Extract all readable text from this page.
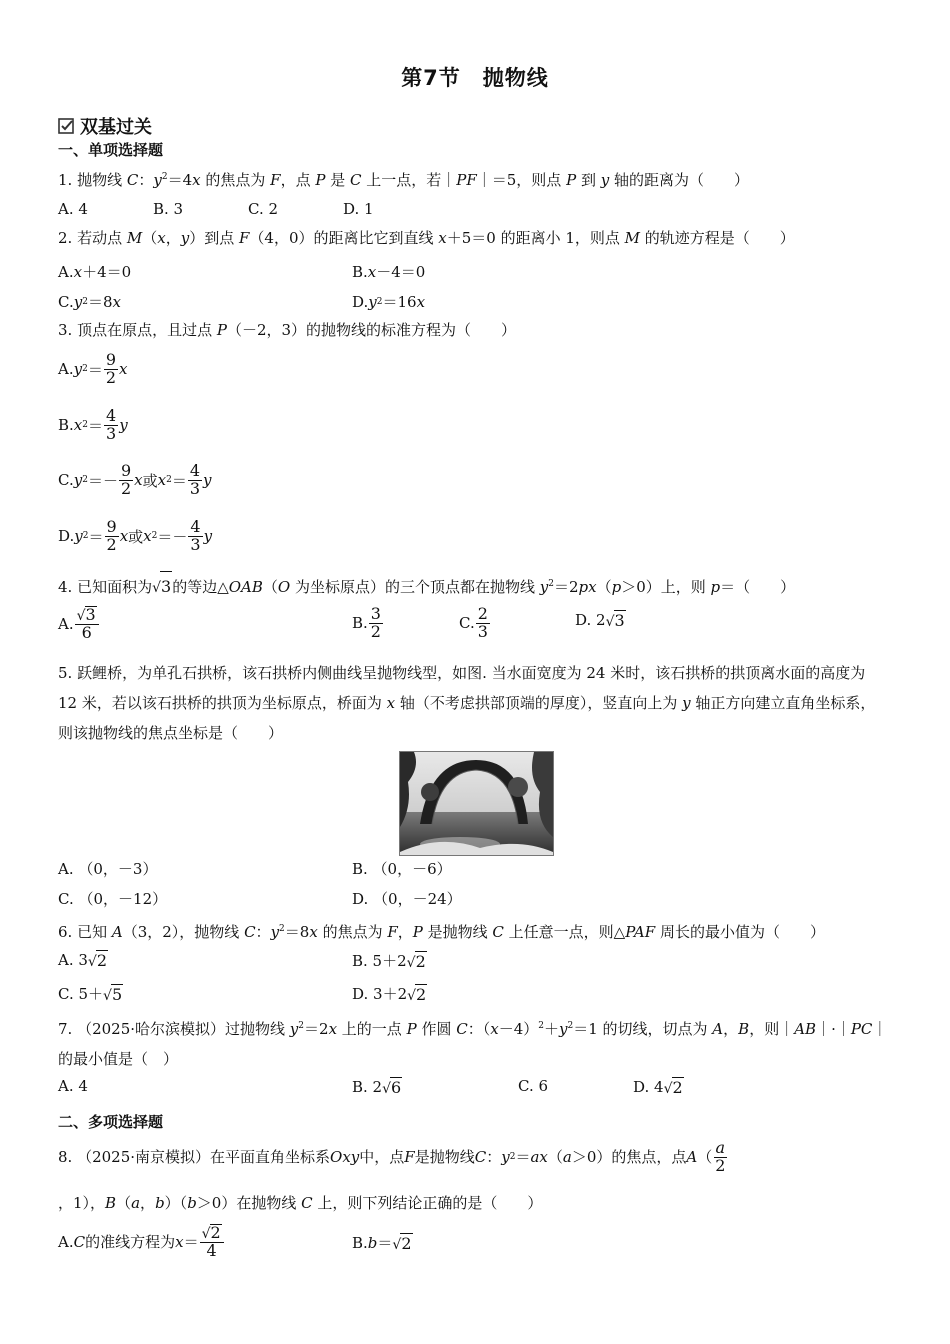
第7节　抛物线
双基过关
一、单项选择题
1. 抛物线 C：$y^2=4x$ 的焦点为 F，点 P 是 C 上一点，若｜PF｜＝5，则点 P 到 y 轴的距离为（　　）
A. 4	B. 3	C. 2	D. 1
2. 若动点 M（x，y）到点 F（4，0）的距离比它到直线 x＋5＝0 的距离小 1，则点 M 的轨迹方程是（　　）
A. x ＋4＝0	B. x －4＝0
C. y 2 ＝8 x	D. y 2 ＝16 x
3. 顶点在原点，且过点 P（－2，3）的抛物线的标准方程为（　　）
A. y $2 = \frac{9}{2}$ x
B. x $2 = \frac{4}{3}$ y
C. y $2 =- \frac{9}{2}$ x 或 x $2 = \frac{4}{3}$ y
D. y $2 = \frac{9}{2}$ x 或 x $2 =- \frac{4}{3}$ y
4. 已知面积为 √ 3 的等边△OAB（O 为坐标原点）的三个顶点都在抛物线 $y^2=2px(p>0)$上，则 p＝（　　）
A. $\frac{√ 3}{6}$	B. $\frac{3}{2}$	C. $\frac{2}{3}$	D. 2 √ 3
5. 跃鲤桥，为单孔石拱桥，该石拱桥内侧曲线呈抛物线型，如图. 当水面宽度为 24 米时，该石拱桥的拱顶离水面的高度为 12 米，若以该石拱桥的拱顶为坐标原点，桥面为 x 轴（不考虑拱部顶端的厚度），竖直向上为 y 轴正方向建立直角坐标系，则该抛物线的焦点坐标是（　　）
A. （0，－3）	B. （0，－6）
C. （0，－12）	D. （0，－24）
6. 已知 A（3，2），抛物线 C：$y^2=8x$ 的焦点为 F，P 是抛物线 C 上任意一点，则△PAF 周长的最小值为（　　）
A. 3 √ 2	B. 5＋2 √ 2
C. 5＋ √ 5	D. 3＋2 √ 2
7. （2025·哈尔滨模拟）过抛物线 $y^2=2x$ 上的一点 P 作圆 C：$(x-4)^2+y^2=1$ 的切线，切点为 A，B，则｜AB｜·｜PC｜的最小值是（　）
A. 4	B. 2 √ 6	C. 6	D. 4 √ 2
二、多项选择题
8. （2025·南京模拟）在平面直角坐标系 Oxy 中，点 F 是抛物线 C ： y 2 ＝ ax （ a ＞0）的焦点，点 A （ $\frac{a}{2}$
，1），B（a，b）（b＞0）在抛物线 C 上，则下列结论正确的是（　　）
A. C 的准线方程为 $x = \frac{√ 2}{4}$	B. b ＝ √ 2
